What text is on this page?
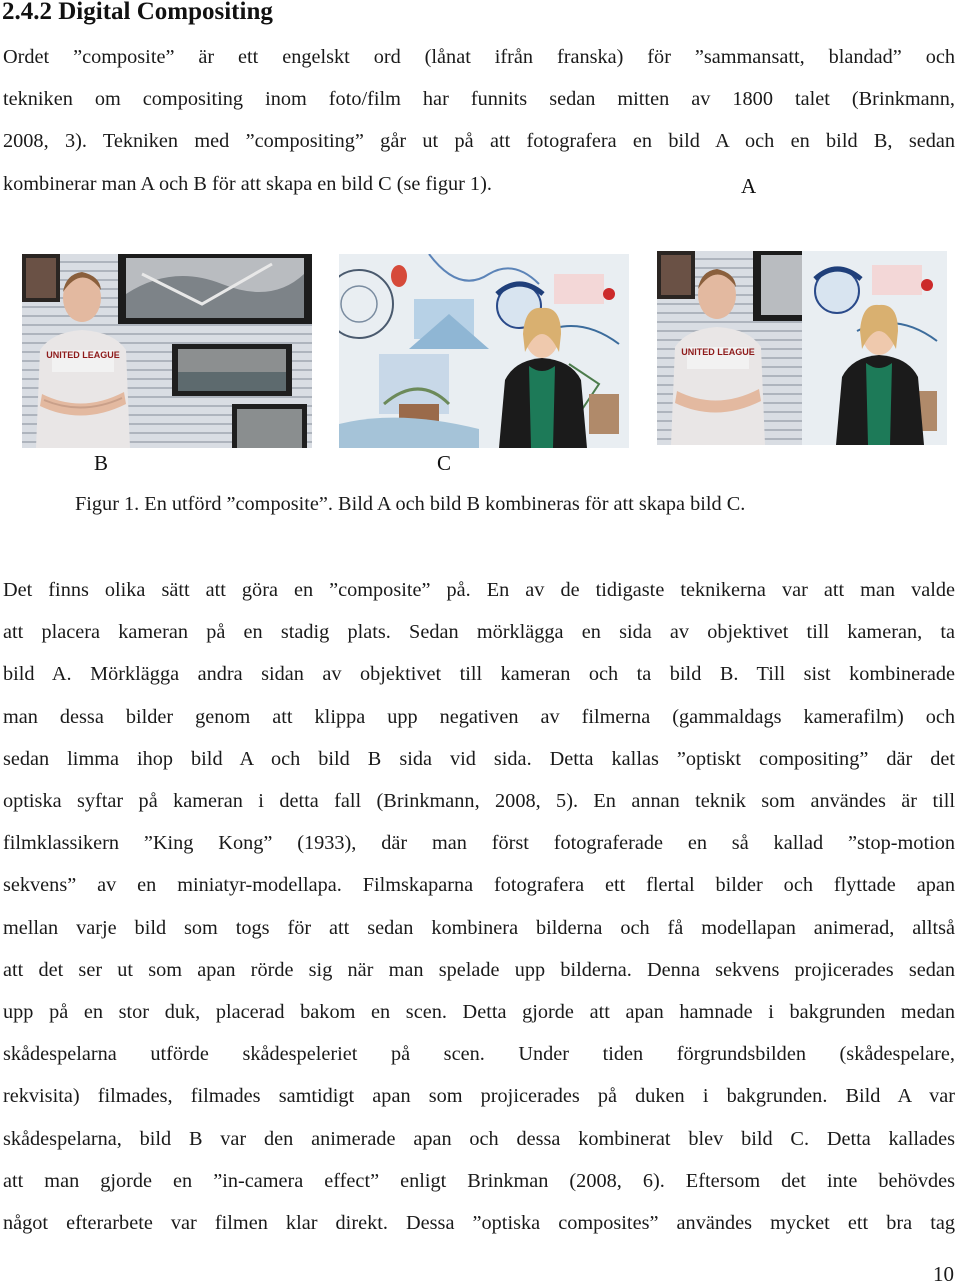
2.4.2 Digital Compositing
Ordet ”composite” är ett engelskt ord (lånat ifrån franska) för ”sammansatt, blandad” och
tekniken om compositing inom foto/film har funnits sedan mitten av 1800 talet (Brinkmann,
2008, 3). Tekniken med ”compositing” går ut på att fotografera en bild A och en bild B, sedan
kombinerar man A och B för att skapa en bild C (se figur 1).	A
UNITED LEAGUE	UNITED LEAGUE
B	C
Figur 1. En utförd ”composite”. Bild A och bild B kombineras för att skapa bild C.
Det finns olika sätt att göra en ”composite” på. En av de tidigaste teknikerna var att man valde
att placera kameran på en stadig plats. Sedan mörklägga en sida av objektivet till kameran, ta
bild A. Mörklägga andra sidan av objektivet till kameran och ta bild B. Till sist kombinerade
man dessa bilder genom att klippa upp negativen av filmerna (gammaldags kamerafilm) och
sedan limma ihop bild A och bild B sida vid sida. Detta kallas ”optiskt compositing” där det
optiska syftar på kameran i detta fall (Brinkmann, 2008, 5). En annan teknik som användes är till
filmklassikern ”King Kong” (1933), där man först fotograferade en så kallad ”stop-motion
sekvens” av en miniatyr-modellapa. Filmskaparna fotografera ett flertal bilder och flyttade apan
mellan varje bild som togs för att sedan kombinera bilderna och få modellapan animerad, alltså
att det ser ut som apan rörde sig när man spelade upp bilderna. Denna sekvens projicerades sedan
upp på en stor duk, placerad bakom en scen. Detta gjorde att apan hamnade i bakgrunden medan
skådespelarna utförde skådespeleriet på scen. Under tiden förgrundsbilden (skådespelare,
rekvisita) filmades, filmades samtidigt apan som projicerades på duken i bakgrunden. Bild A var
skådespelarna, bild B var den animerade apan och dessa kombinerat blev bild C. Detta kallades
att man gjorde en ”in-camera effect” enligt Brinkman (2008, 6). Eftersom det inte behövdes
något efterarbete var filmen klar direkt. Dessa ”optiska composites” användes mycket ett bra tag
10
